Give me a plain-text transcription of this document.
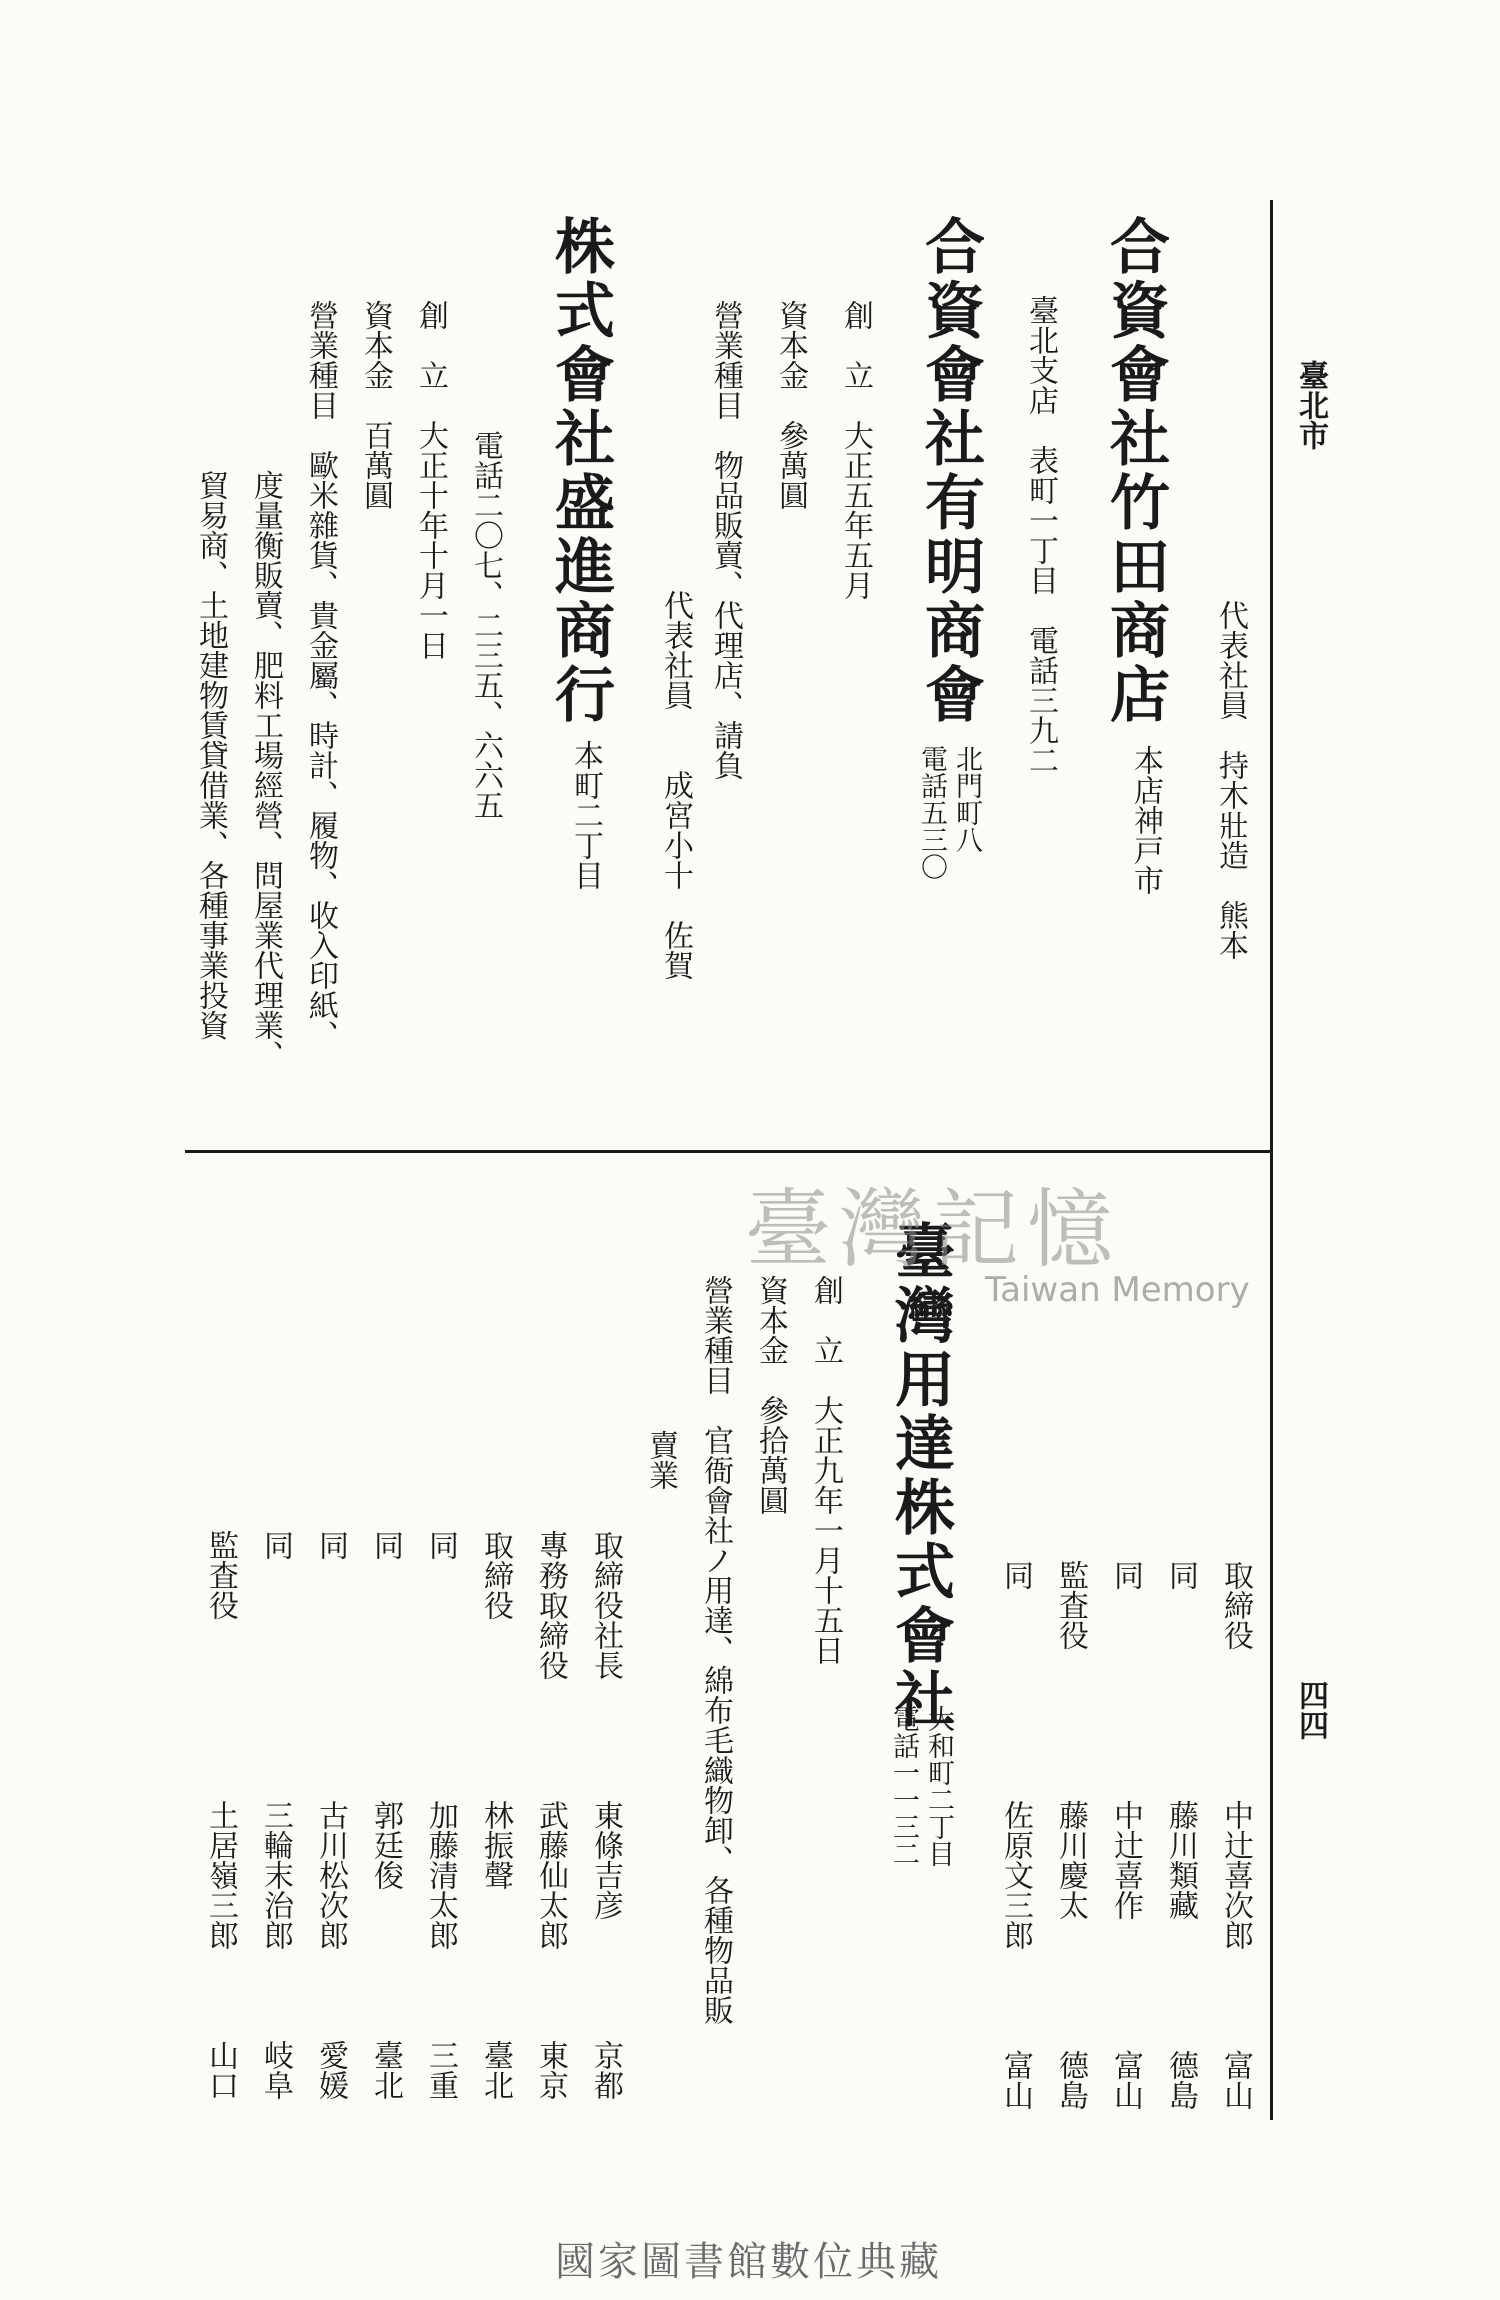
臺北市
四四
代表社員　持木壯造　熊本
本店神戸市
合資會社竹田商店
臺北支店　表町一丁目　電話三九二
合資會社有明商會
北門町八
電話五三〇
創　立　大正五年五月
資本金　參萬圓
營業種目　物品販賣、代理店、請負
代表社員　　成宮小十　佐賀
株式會社盛進商行
本町二丁目
電話二〇七、二三五、六六五
創　立　大正十年十月一日
資本金　百萬圓
營業種目　歐米雜貨、貴金屬、時計、履物、收入印紙、
度量衡販賣、肥料工場經營、問屋業代理業、
貿易商、土地建物賃貸借業、各種事業投資
取締役
中辻喜次郎
富山
同
藤川類藏
德島
同
中辻喜作
富山
監査役
藤川慶太
德島
同
佐原文三郎
富山
臺灣用達株式會社
大和町二丁目
電話一一三二
創　立　大正九年一月十五日
資本金　參拾萬圓
營業種目　官衙會社ノ用達、綿布毛織物卸、各種物品販
賣業
取締役社長
東條吉彦
京都
專務取締役
武藤仙太郎
東京
取締役
林振聲
臺北
同
加藤清太郎
三重
同
郭廷俊
臺北
同
古川松次郎
愛媛
同
三輪末治郎
岐阜
監査役
土居嶺三郎
山口
臺灣記憶
Taiwan Memory
國家圖書館數位典藏
